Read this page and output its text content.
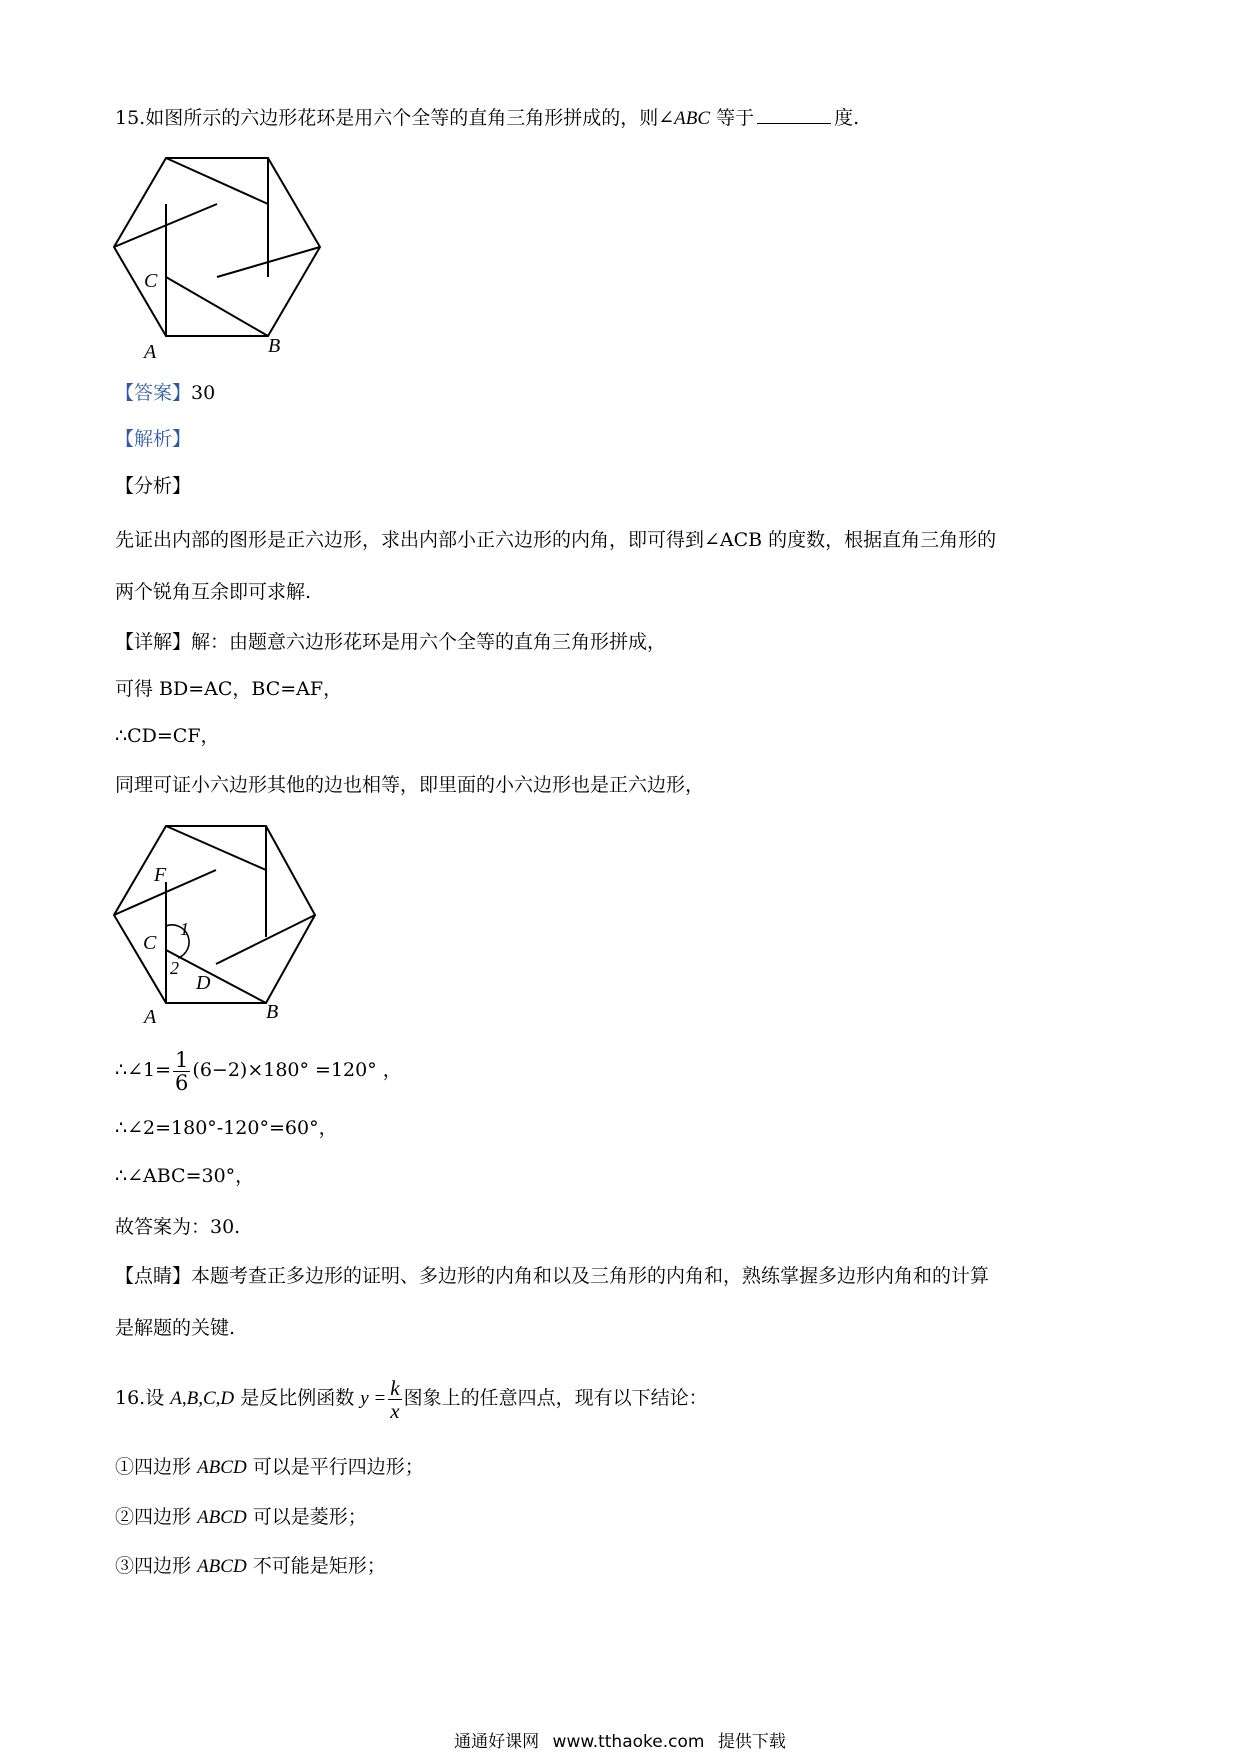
15.如图所示的六边形花环是用六个全等的直角三角形拼成的，则∠ABC 等于	度.
C
A	B
【答案】30
【解析】
【分析】
先证出内部的图形是正六边形，求出内部小正六边形的内角，即可得到∠ACB 的度数，根据直角三角形的
两个锐角互余即可求解.
【详解】解：由题意六边形花环是用六个全等的直角三角形拼成，
可得 BD=AC，BC=AF，
∴CD=CF，
同理可证小六边形其他的边也相等，即里面的小六边形也是正六边形，
F
C
1
2
D
A	B
∴∠1= $\frac{1}{6} (6-2)\times 180^\circ =120^\circ$ ，
∴∠2=180°-120°=60°，
∴∠ABC=30°，
故答案为：30.
【点睛】本题考查正多边形的证明、多边形的内角和以及三角形的内角和，熟练掌握多边形内角和的计算
是解题的关键.
16.设 A,B,C,D 是反比例函数 $y = \frac{k}{x}$ 图象上的任意四点，现有以下结论：
①四边形 ABCD 可以是平行四边形；
②四边形 ABCD 可以是菱形；
③四边形 ABCD 不可能是矩形；
通通好课网 www.tthaoke.com 提供下载
